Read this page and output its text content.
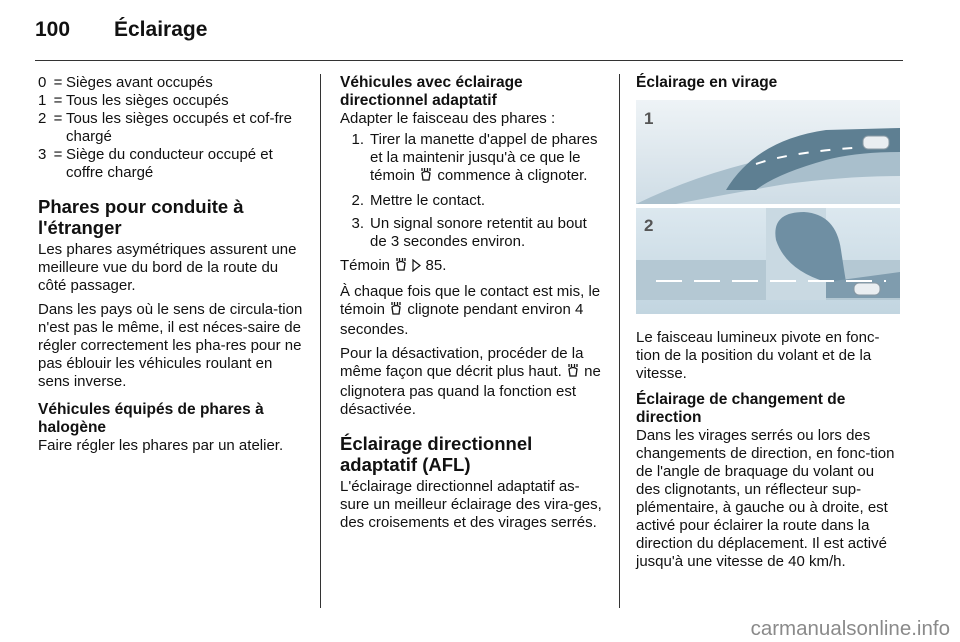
100 Éclairage
0 = Sièges avant occupés
1 = Tous les sièges occupés
2 = Tous les sièges occupés et cof-fre chargé
3 = Siège du conducteur occupé et coffre chargé
Phares pour conduite à l'étranger

Les phares asymétriques assurent une meilleure vue du bord de la route du côté passager.

Dans les pays où le sens de circula-tion n'est pas le même, il est néces-saire de régler correctement les pha-res pour ne pas éblouir les véhicules roulant en sens inverse.

Véhicules équipés de phares à halogène

Faire régler les phares par un atelier.

Véhicules avec éclairage directionnel adaptatif

Adapter le faisceau des phares :

1. Tirer la manette d'appel de phares et la maintenir jusqu'à ce que le témoin commence à clignoter.
2. Mettre le contact.
3. Un signal sonore retentit au bout de 3 secondes environ.

Témoin 85.

À chaque fois que le contact est mis, le témoin clignote pendant environ 4 secondes.

Pour la désactivation, procéder de la même façon que décrit plus haut. ne clignotera pas quand la fonction est désactivée.

Éclairage directionnel adaptatif (AFL)

L'éclairage directionnel adaptatif as-sure un meilleur éclairage des vira-ges, des croisements et des virages serrés.

Éclairage en virage
1
2

Le faisceau lumineux pivote en fonc-tion de la position du volant et de la vitesse.

Éclairage de changement de direction

Dans les virages serrés ou lors des changements de direction, en fonc-tion de l'angle de braquage du volant ou des clignotants, un réflecteur sup-plémentaire, à gauche ou à droite, est activé pour éclairer la route dans la direction du déplacement. Il est activé jusqu'à une vitesse de 40 km/h.

carmanualsonline.info
